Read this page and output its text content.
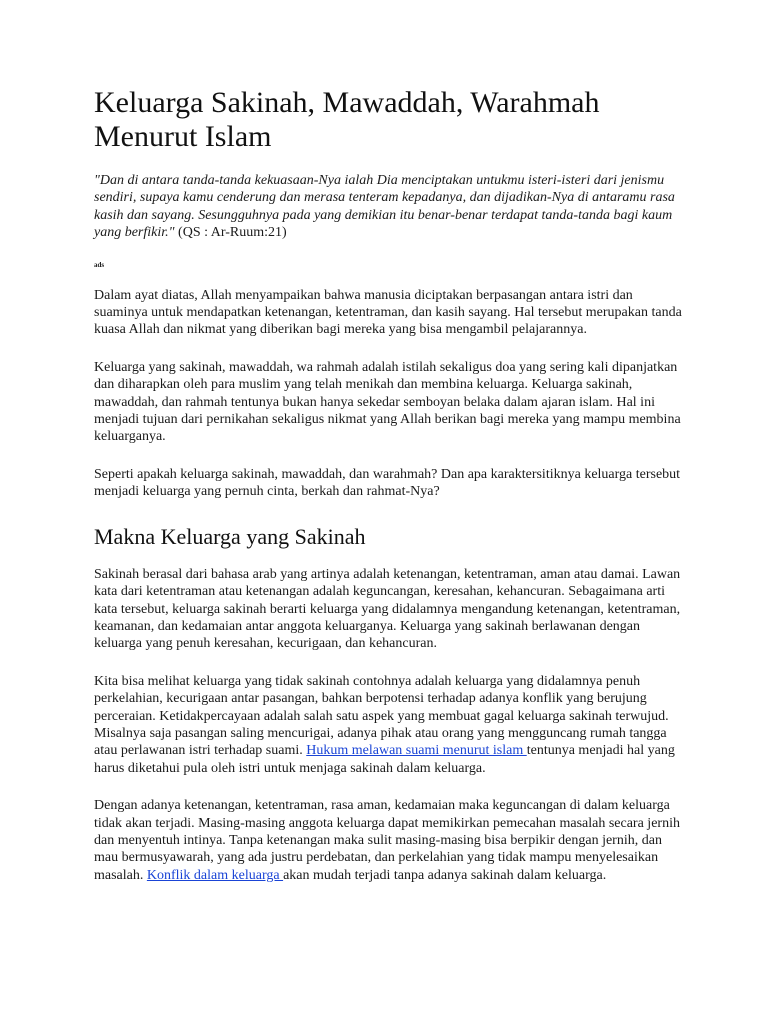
Keluarga Sakinah, Mawaddah, Warahmah Menurut Islam

"Dan di antara tanda-tanda kekuasaan-Nya ialah Dia menciptakan untukmu isteri-isteri dari jenismu sendiri, supaya kamu cenderung dan merasa tenteram kepadanya, dan dijadikan-Nya di antaramu rasa kasih dan sayang. Sesungguhnya pada yang demikian itu benar-benar terdapat tanda-tanda bagi kaum yang berfikir." (QS : Ar-Ruum:21)

ads

Dalam ayat diatas, Allah menyampaikan bahwa manusia diciptakan berpasangan antara istri dan suaminya untuk mendapatkan ketenangan, ketentraman, dan kasih sayang. Hal tersebut merupakan tanda kuasa Allah dan nikmat yang diberikan bagi mereka yang bisa mengambil pelajarannya.

Keluarga yang sakinah, mawaddah, wa rahmah adalah istilah sekaligus doa yang sering kali dipanjatkan dan diharapkan oleh para muslim yang telah menikah dan membina keluarga. Keluarga sakinah, mawaddah, dan rahmah tentunya bukan hanya sekedar semboyan belaka dalam ajaran islam. Hal ini menjadi tujuan dari pernikahan sekaligus nikmat yang Allah berikan bagi mereka yang mampu membina keluarganya.

Seperti apakah keluarga sakinah, mawaddah, dan warahmah? Dan apa karaktersitiknya keluarga tersebut menjadi keluarga yang pernuh cinta, berkah dan rahmat-Nya?

Makna Keluarga yang Sakinah

Sakinah berasal dari bahasa arab yang artinya adalah ketenangan, ketentraman, aman atau damai. Lawan kata dari ketentraman atau ketenangan adalah keguncangan, keresahan, kehancuran. Sebagaimana arti kata tersebut, keluarga sakinah berarti keluarga yang didalamnya mengandung ketenangan, ketentraman, keamanan, dan kedamaian antar anggota keluarganya. Keluarga yang sakinah berlawanan dengan keluarga yang penuh keresahan, kecurigaan, dan kehancuran.

Kita bisa melihat keluarga yang tidak sakinah contohnya adalah keluarga yang didalamnya penuh perkelahian, kecurigaan antar pasangan, bahkan berpotensi terhadap adanya konflik yang berujung perceraian. Ketidakpercayaan adalah salah satu aspek yang membuat gagal keluarga sakinah terwujud. Misalnya saja pasangan saling mencurigai, adanya pihak atau orang yang mengguncang rumah tangga atau perlawanan istri terhadap suami. Hukum melawan suami menurut islam tentunya menjadi hal yang harus diketahui pula oleh istri untuk menjaga sakinah dalam keluarga.

Dengan adanya ketenangan, ketentraman, rasa aman, kedamaian maka keguncangan di dalam keluarga tidak akan terjadi. Masing-masing anggota keluarga dapat memikirkan pemecahan masalah secara jernih dan menyentuh intinya. Tanpa ketenangan maka sulit masing-masing bisa berpikir dengan jernih, dan mau bermusyawarah, yang ada justru perdebatan, dan perkelahian yang tidak mampu menyelesaikan masalah. Konflik dalam keluarga akan mudah terjadi tanpa adanya sakinah dalam keluarga.
